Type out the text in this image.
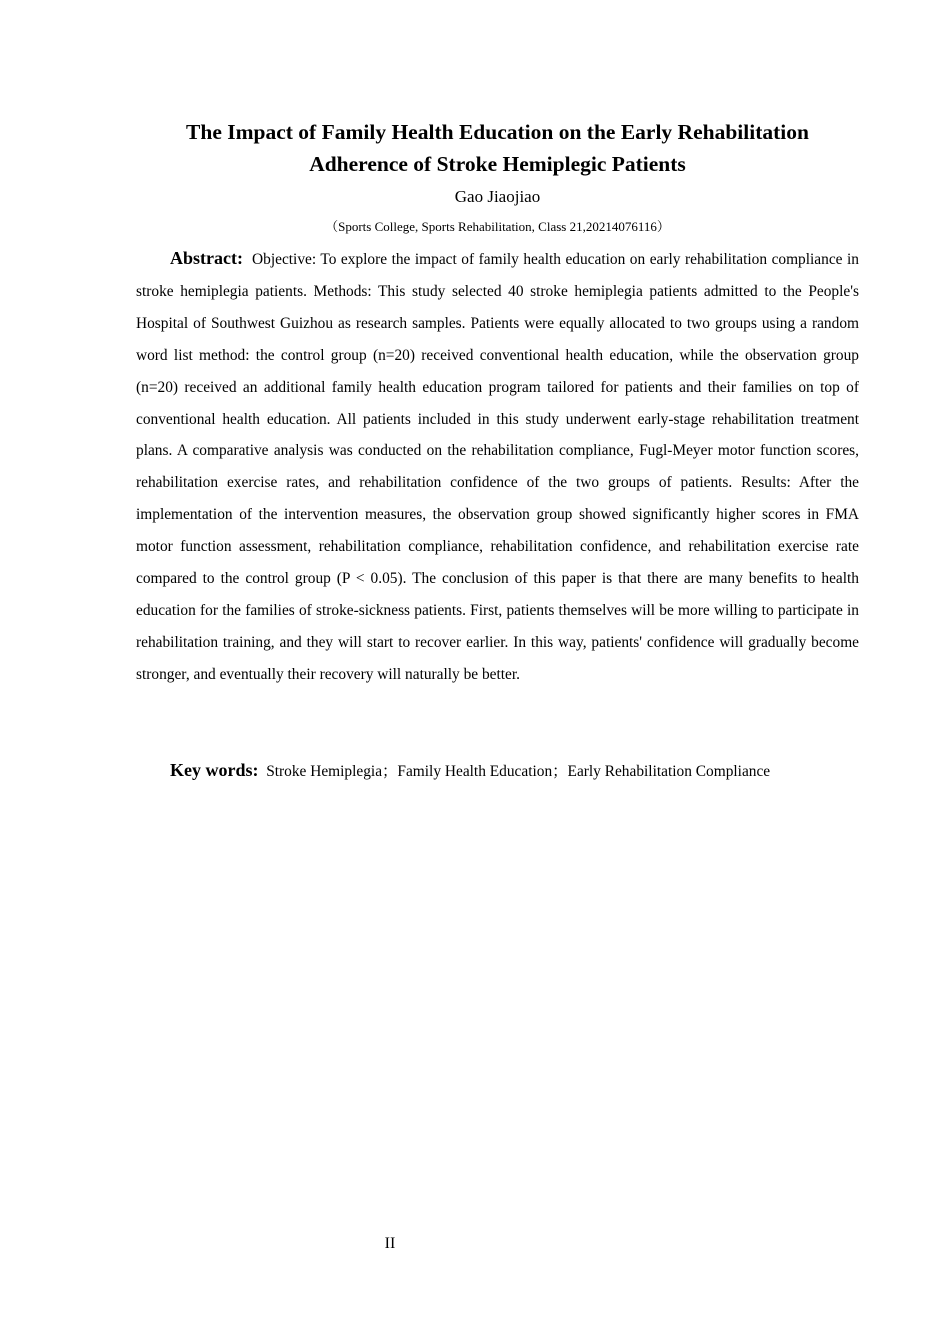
The Impact of Family Health Education on the Early Rehabilitation
Adherence of Stroke Hemiplegic Patients
Gao Jiaojiao
（Sports College, Sports Rehabilitation, Class 21,20214076116）

Abstract: Objective: To explore the impact of family health education on early rehabilitation compliance in stroke hemiplegia patients. Methods: This study selected 40 stroke hemiplegia patients admitted to the People's Hospital of Southwest Guizhou as research samples. Patients were equally allocated to two groups using a random word list method: the control group (n=20) received conventional health education, while the observation group (n=20) received an additional family health education program tailored for patients and their families on top of conventional health education. All patients included in this study underwent early-stage rehabilitation treatment plans. A comparative analysis was conducted on the rehabilitation compliance, Fugl-Meyer motor function scores, rehabilitation exercise rates, and rehabilitation confidence of the two groups of patients. Results: After the implementation of the intervention measures, the observation group showed significantly higher scores in FMA motor function assessment, rehabilitation compliance, rehabilitation confidence, and rehabilitation exercise rate compared to the control group (P < 0.05). The conclusion of this paper is that there are many benefits to health education for the families of stroke-sickness patients. First, patients themselves will be more willing to participate in rehabilitation training, and they will start to recover earlier. In this way, patients' confidence will gradually become stronger, and eventually their recovery will naturally be better.

Key words: Stroke Hemiplegia；Family Health Education；Early Rehabilitation Compliance

II
